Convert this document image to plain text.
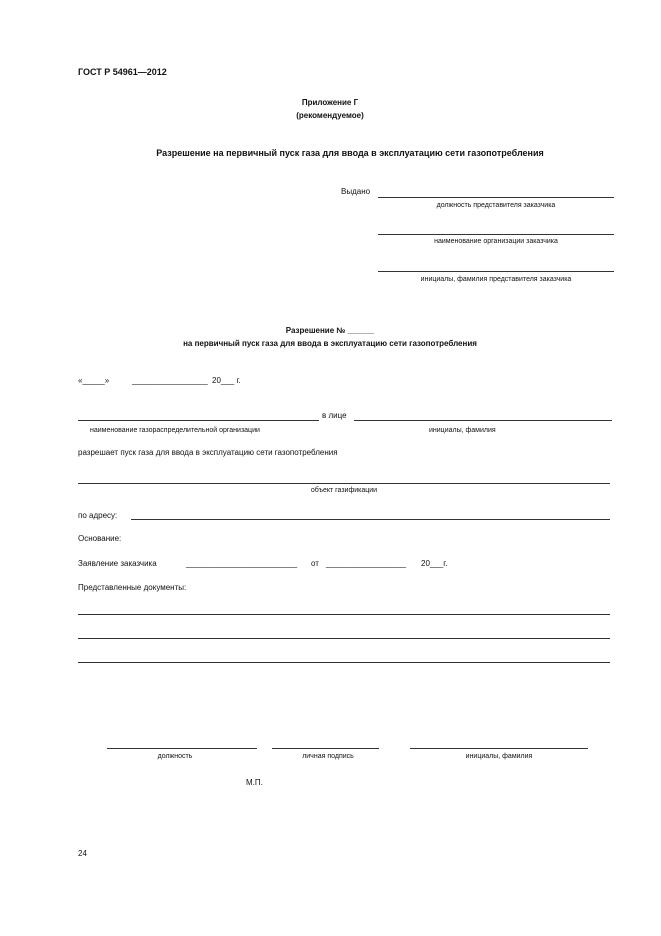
ГОСТ Р 54961—2012
Приложение Г
(рекомендуемое)
Разрешение на первичный пуск газа для ввода в эксплуатацию сети газопотребления
Выдано
должность представителя заказчика
наименование организации заказчика
инициалы, фамилия представителя заказчика
Разрешение № ______
на первичный пуск газа для ввода в эксплуатацию сети газопотребления
«_____»	_________________ 20___ г.
в лице
наименование газораспределительной организации	инициалы, фамилия
разрешает пуск газа для ввода в эксплуатацию сети газопотребления
объект газификации
по адресу:
Основание:
Заявление заказчика	_________________________ от __________________ 20___г.
Представленные документы:
должность	личная подпись	инициалы, фамилия
М.П.
24
